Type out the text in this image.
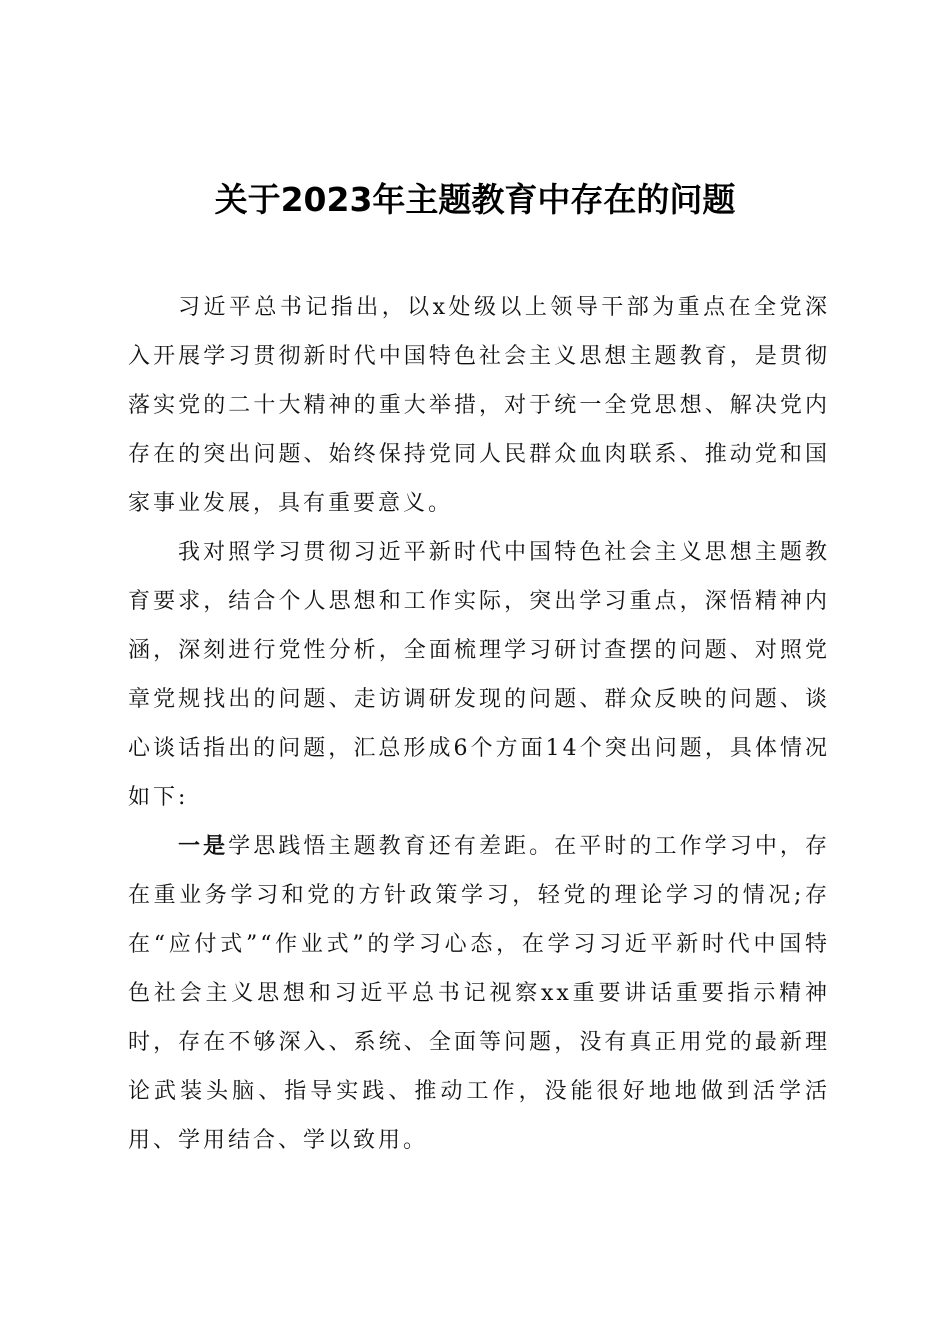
关于2023年主题教育中存在的问题

习近平总书记指出，以x处级以上领导干部为重点在全党深入开展学习贯彻新时代中国特色社会主义思想主题教育，是贯彻落实党的二十大精神的重大举措，对于统一全党思想、解决党内存在的突出问题、始终保持党同人民群众血肉联系、推动党和国家事业发展，具有重要意义。

我对照学习贯彻习近平新时代中国特色社会主义思想主题教育要求，结合个人思想和工作实际，突出学习重点，深悟精神内涵，深刻进行党性分析，全面梳理学习研讨查摆的问题、对照党章党规找出的问题、走访调研发现的问题、群众反映的问题、谈心谈话指出的问题，汇总形成6个方面14个突出问题，具体情况如下:

一是学思践悟主题教育还有差距。在平时的工作学习中，存在重业务学习和党的方针政策学习，轻党的理论学习的情况;存在“应付式”“作业式”的学习心态，在学习习近平新时代中国特色社会主义思想和习近平总书记视察xx重要讲话重要指示精神时，存在不够深入、系统、全面等问题，没有真正用党的最新理论武装头脑、指导实践、推动工作，没能很好地地做到活学活用、学用结合、学以致用。
